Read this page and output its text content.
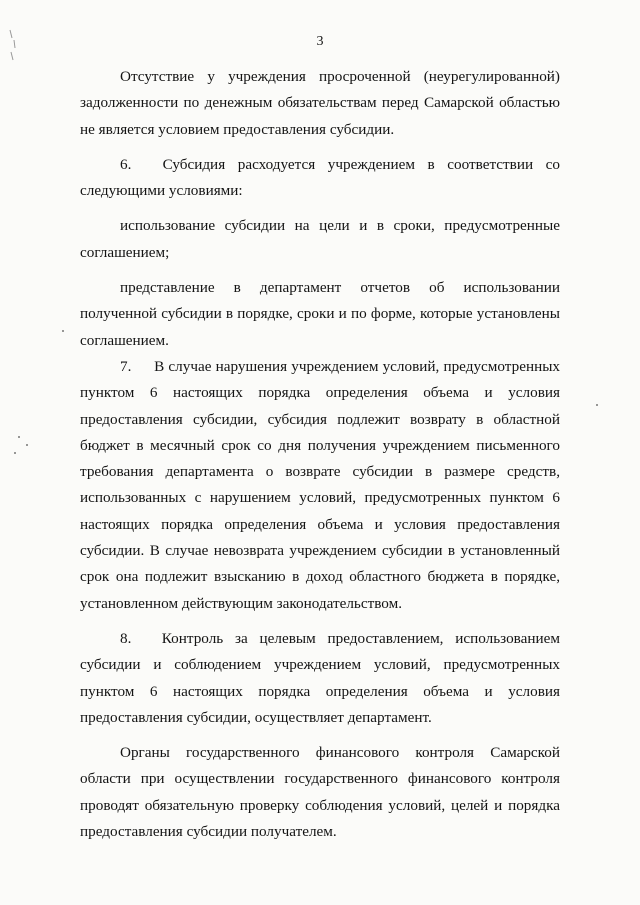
3

Отсутствие у учреждения просроченной (неурегулированной) задолженности по денежным обязательствам перед Самарской областью не является условием предоставления субсидии.

6. Субсидия расходуется учреждением в соответствии со следующими условиями:

использование субсидии на цели и в сроки, предусмотренные соглашением;

представление в департамент отчетов об использовании полученной субсидии в порядке, сроки и по форме, которые установлены соглашением.

7. В случае нарушения учреждением условий, предусмотренных пунктом 6 настоящих порядка определения объема и условия предоставления субсидии, субсидия подлежит возврату в областной бюджет в месячный срок со дня получения учреждением письменного требования департамента о возврате субсидии в размере средств, использованных с нарушением условий, предусмотренных пунктом 6 настоящих порядка определения объема и условия предоставления субсидии. В случае невозврата учреждением субсидии в установленный срок она подлежит взысканию в доход областного бюджета в порядке, установленном действующим законодательством.

8. Контроль за целевым предоставлением, использованием субсидии и соблюдением учреждением условий, предусмотренных пунктом 6 настоящих порядка определения объема и условия предоставления субсидии, осуществляет департамент.

Органы государственного финансового контроля Самарской области при осуществлении государственного финансового контроля проводят обязательную проверку соблюдения условий, целей и порядка предоставления субсидии получателем.
